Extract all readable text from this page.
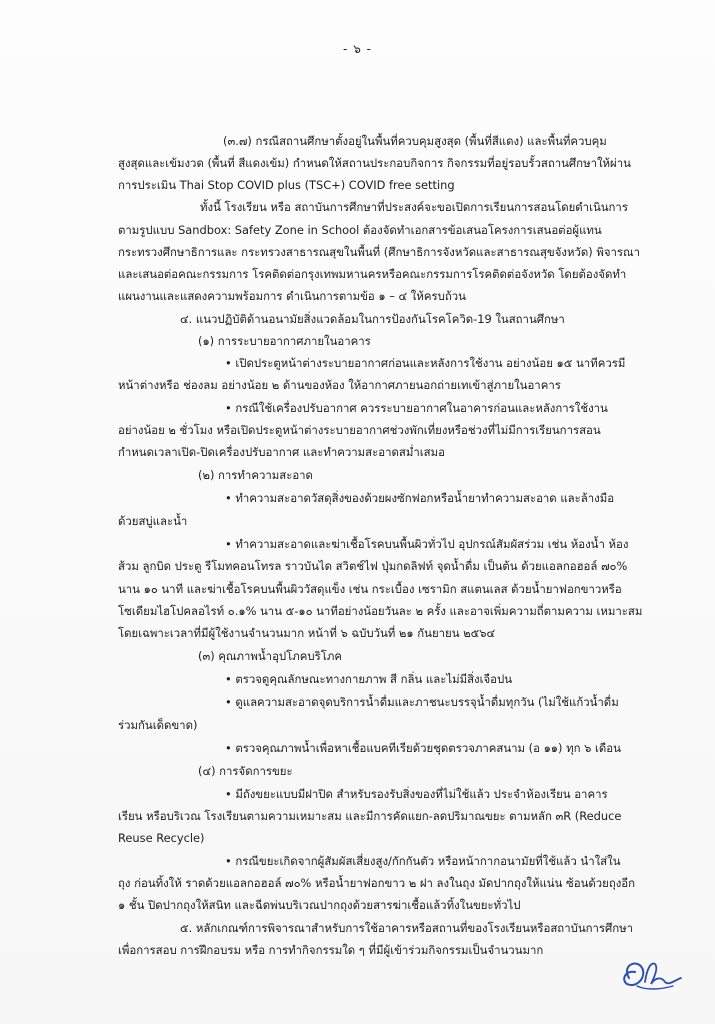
- ๖ -
(๓.๗) กรณีสถานศึกษาตั้งอยู่ในพื้นที่ควบคุมสูงสุด (พื้นที่สีแดง) และพื้นที่ควบคุม
สูงสุดและเข้มงวด (พื้นที่ สีแดงเข้ม) กำหนดให้สถานประกอบกิจการ กิจกรรมที่อยู่รอบรั้วสถานศึกษาให้ผ่าน
การประเมิน Thai Stop COVID plus (TSC+) COVID free setting
ทั้งนี้ โรงเรียน หรือ สถาบันการศึกษาที่ประสงค์จะขอเปิดการเรียนการสอนโดยดำเนินการ
ตามรูปแบบ Sandbox: Safety Zone in School ต้องจัดทำเอกสารข้อเสนอโครงการเสนอต่อผู้แทน
กระทรวงศึกษาธิการและ กระทรวงสาธารณสุขในพื้นที่ (ศึกษาธิการจังหวัดและสาธารณสุขจังหวัด) พิจารณา
และเสนอต่อคณะกรรมการ โรคติดต่อกรุงเทพมหานครหรือคณะกรรมการโรคติดต่อจังหวัด โดยต้องจัดทำ
แผนงานและแสดงความพร้อมการ ดำเนินการตามข้อ ๑ – ๔ ให้ครบถ้วน
๔. แนวปฏิบัติด้านอนามัยสิ่งแวดล้อมในการป้องกันโรคโควิด-19 ในสถานศึกษา
(๑) การระบายอากาศภายในอาคาร
• เปิดประตูหน้าต่างระบายอากาศก่อนและหลังการใช้งาน อย่างน้อย ๑๕ นาทีควรมี
หน้าต่างหรือ ช่องลม อย่างน้อย ๒ ด้านของห้อง ให้อากาศภายนอกถ่ายเทเข้าสู่ภายในอาคาร
• กรณีใช้เครื่องปรับอากาศ ควรระบายอากาศในอาคารก่อนและหลังการใช้งาน
อย่างน้อย ๒ ชั่วโมง หรือเปิดประตูหน้าต่างระบายอากาศช่วงพักเที่ยงหรือช่วงที่ไม่มีการเรียนการสอน
กำหนดเวลาเปิด-ปิดเครื่องปรับอากาศ และทำความสะอาดสม่ำเสมอ
(๒) การทำความสะอาด
• ทำความสะอาดวัสดุสิ่งของด้วยผงซักฟอกหรือน้ำยาทำความสะอาด และล้างมือ
ด้วยสบู่และน้ำ
• ทำความสะอาดและฆ่าเชื้อโรคบนพื้นผิวทั่วไป อุปกรณ์สัมผัสร่วม เช่น ห้องน้ำ ห้อง
ส้วม ลูกบิด ประตู รีโมทคอนโทรล ราวบันได สวิตช์ไฟ ปุ่มกดลิฟท์ จุดน้ำดื่ม เป็นต้น ด้วยแอลกอฮอล์ ๗๐%
นาน ๑๐ นาที และฆ่าเชื้อโรคบนพื้นผิววัสดุแข็ง เช่น กระเบื้อง เซรามิก สแตนเลส ด้วยน้ำยาฟอกขาวหรือ
โซเดียมไฮโปคลอไรท์ ๐.๑% นาน ๕-๑๐ นาทีอย่างน้อยวันละ ๒ ครั้ง และอาจเพิ่มความถี่ตามความ เหมาะสม
โดยเฉพาะเวลาที่มีผู้ใช้งานจำนวนมาก หน้าที่ ๖ ฉบับวันที่ ๒๑ กันยายน ๒๕๖๔
(๓) คุณภาพน้ำอุปโภคบริโภค
• ตรวจดูคุณลักษณะทางกายภาพ สี กลิ่น และไม่มีสิ่งเจือปน
• ดูแลความสะอาดจุดบริการน้ำดื่มและภาชนะบรรจุน้ำดื่มทุกวัน (ไม่ใช้แก้วน้ำดื่ม
ร่วมกันเด็ดขาด)
• ตรวจคุณภาพน้ำเพื่อหาเชื้อแบคทีเรียด้วยชุดตรวจภาคสนาม (อ ๑๑) ทุก ๖ เดือน
(๔) การจัดการขยะ
• มีถังขยะแบบมีฝาปิด สำหรับรองรับสิ่งของที่ไม่ใช้แล้ว ประจำห้องเรียน อาคาร
เรียน หรือบริเวณ โรงเรียนตามความเหมาะสม และมีการคัดแยก-ลดปริมาณขยะ ตามหลัก ๓R (Reduce
Reuse Recycle)
• กรณีขยะเกิดจากผู้สัมผัสเสี่ยงสูง/กักกันตัว หรือหน้ากากอนามัยที่ใช้แล้ว นำใส่ใน
ถุง ก่อนทิ้งให้ ราดด้วยแอลกอฮอล์ ๗๐% หรือน้ำยาฟอกขาว ๒ ฝา ลงในถุง มัดปากถุงให้แน่น ซ้อนด้วยถุงอีก
๑ ชั้น ปิดปากถุงให้สนิท และฉีดพ่นบริเวณปากถุงด้วยสารฆ่าเชื้อแล้วทิ้งในขยะทั่วไป
๕. หลักเกณฑ์การพิจารณาสำหรับการใช้อาคารหรือสถานที่ของโรงเรียนหรือสถาบันการศึกษา
เพื่อการสอบ การฝึกอบรม หรือ การทำกิจกรรมใด ๆ ที่มีผู้เข้าร่วมกิจกรรมเป็นจำนวนมาก
